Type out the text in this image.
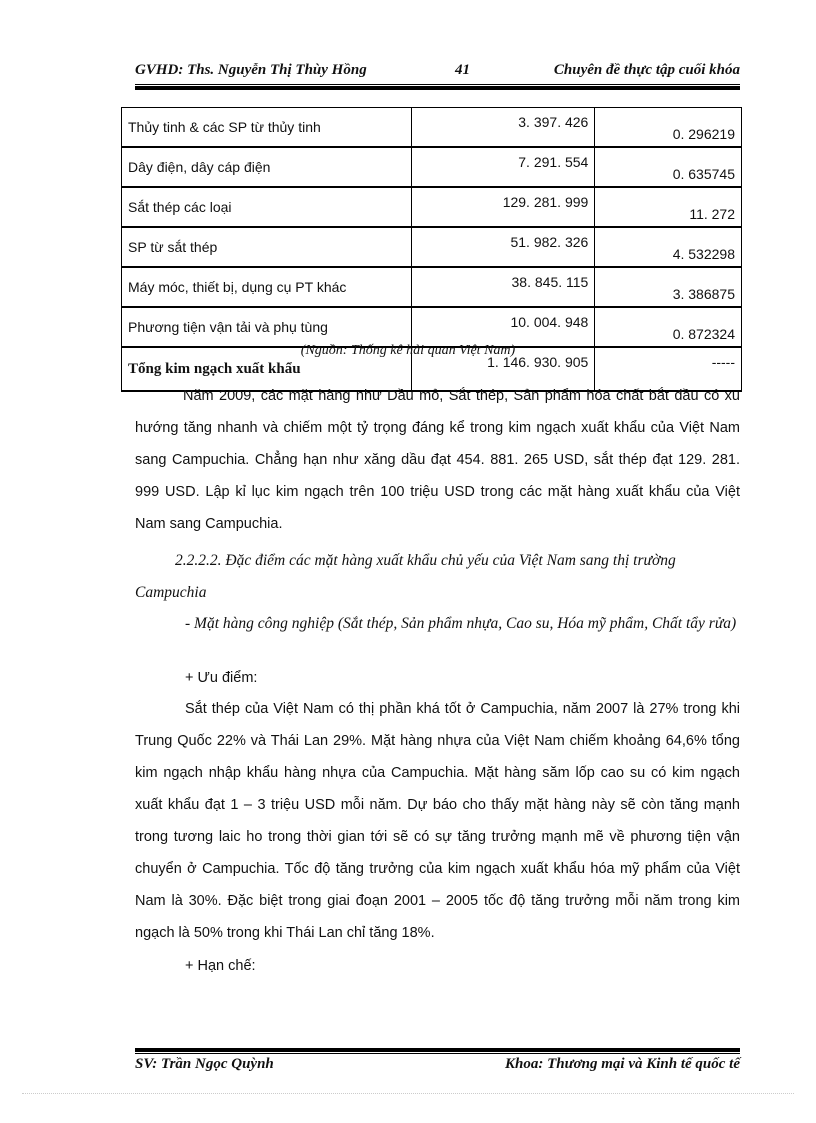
GVHD: Ths. Nguyễn Thị Thùy Hồng	41	Chuyên đề thực tập cuối khóa
Thủy tinh & các SP từ thủy tinh	3. 397. 426	0. 296219
Dây điện, dây cáp điện	7. 291. 554	0. 635745
Sắt thép các loại	129. 281. 999	11. 272
SP từ sắt thép	51. 982. 326	4. 532298
Máy móc, thiết bị, dụng cụ PT khác	38. 845. 115	3. 386875
Phương tiện vận tải và phụ tùng	10. 004. 948	0. 872324
Tổng kim ngạch xuất khẩu	1. 146. 930. 905	-----
(Nguồn: Thống kê hải quan Việt Nam)
Năm 2009, các mặt hàng như Dầu mỏ, Sắt thép, Sản phẩm hóa chất bắt đầu có xu hướng tăng nhanh và chiếm một tỷ trọng đáng kể trong kim ngạch xuất khẩu của Việt Nam sang Campuchia. Chẳng hạn như xăng dầu đạt 454. 881. 265 USD, sắt thép đạt 129. 281. 999 USD. Lập kỉ lục kim ngạch trên 100 triệu USD trong các mặt hàng xuất khẩu của Việt Nam sang Campuchia.
2.2.2.2. Đặc điểm các mặt hàng xuất khẩu chủ yếu của Việt Nam sang thị trường Campuchia
- Mặt hàng công nghiệp (Sắt thép, Sản phẩm nhựa, Cao su, Hóa mỹ phẩm, Chất tẩy rửa)
+ Ưu điểm:

Sắt thép của Việt Nam có thị phần khá tốt ở Campuchia, năm 2007 là 27% trong khi Trung Quốc 22% và Thái Lan 29%. Mặt hàng nhựa của Việt Nam chiếm khoảng 64,6% tổng kim ngạch nhập khẩu hàng nhựa của Campuchia. Mặt hàng săm lốp cao su có kim ngạch xuất khẩu đạt 1 – 3 triệu USD mỗi năm. Dự báo cho thấy mặt hàng này sẽ còn tăng mạnh trong tương laic ho trong thời gian tới sẽ có sự tăng trưởng mạnh mẽ về phương tiện vận chuyển ở Campuchia. Tốc độ tăng trưởng của kim ngạch xuất khẩu hóa mỹ phẩm của Việt Nam là 30%. Đặc biệt trong giai đoạn 2001 – 2005 tốc độ tăng trưởng mỗi năm trong kim ngạch là 50% trong khi Thái Lan chỉ tăng 18%.

+ Hạn chế:
SV: Trần Ngọc Quỳnh	Khoa: Thương mại và Kinh tế quốc tế
